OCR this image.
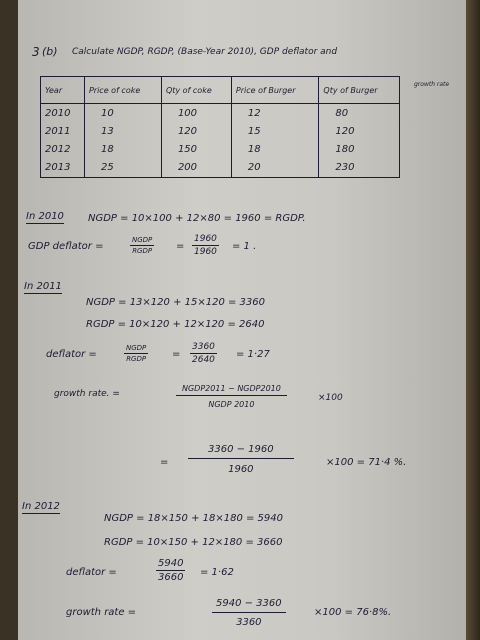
3 (b) Calculate NGDP, RGDP, (Base-Year 2010), GDP deflator and
growth rate
Year	Price of coke	Qty of coke	Price of Burger	Qty of Burger
2010	10	100	12	80
2011	13	120	15	120
2012	18	150	18	180
2013	25	200	20	230
In 2010 NGDP = 10×100 + 12×80 = 1960 = RGDP.
GDP deflator =
NGDP
RGDP = $\frac{1960}{1960} = 1$ .
In 2011
NGDP = 13×120 + 15×120 = 3360
RGDP = 10×120 + 12×120 = 2640
deflator =
NGDP
RGDP	= $\frac{3360}{2640} = 1\cdot 27$
growth rate. =
NGDP2011 − NGDP2010
NGDP 2010
×100
= $\frac{3360 - 1960}{1960}$	×100 = 71·4 %.
In 2012
NGDP = 18×150 + 18×180 = 5940
RGDP = 10×150 + 12×180 = 3660
deflator =	$\frac{5940}{3660} = 1\cdot 62$
growth rate =	$\frac{5940 - 3360}{3360}$	×100 = 76·8%.
